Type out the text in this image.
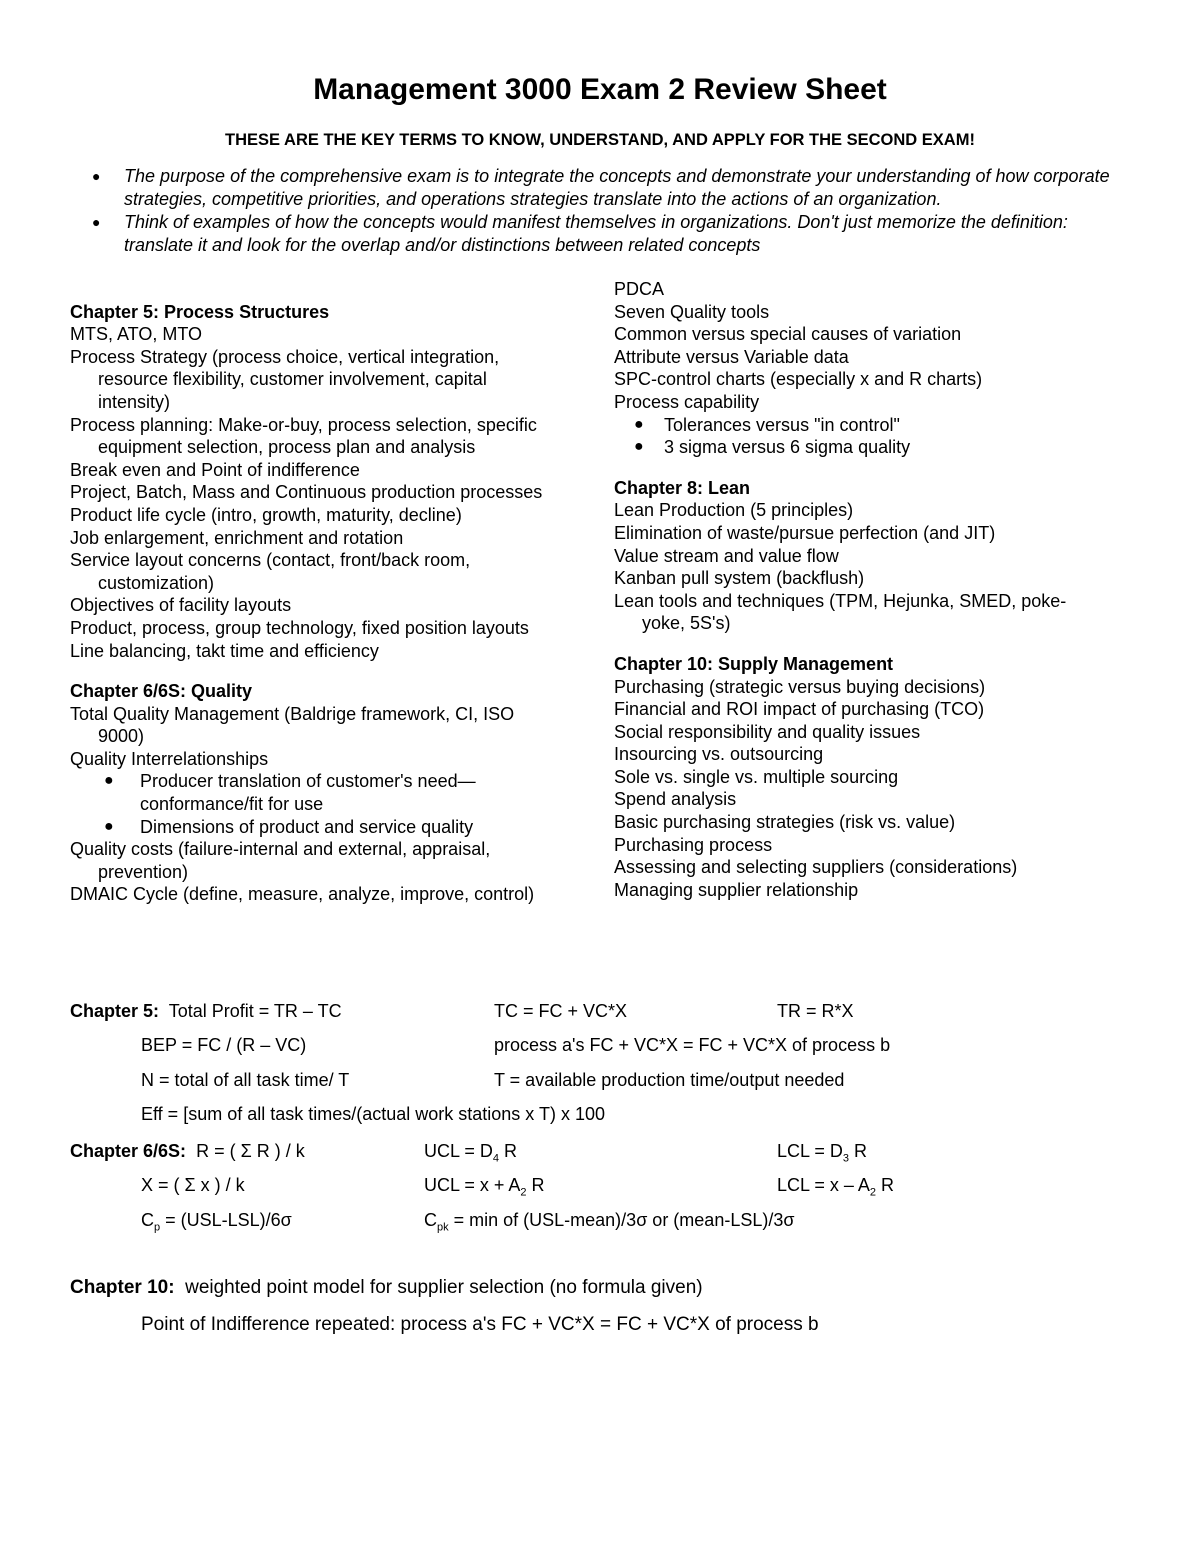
Management 3000 Exam 2 Review Sheet
THESE ARE THE KEY TERMS TO KNOW, UNDERSTAND, AND APPLY FOR THE SECOND EXAM!
● The purpose of the comprehensive exam is to integrate the concepts and demonstrate your understanding of how corporate strategies, competitive priorities, and operations strategies translate into the actions of an organization.
● Think of examples of how the concepts would manifest themselves in organizations. Don't just memorize the definition: translate it and look for the overlap and/or distinctions between related concepts
Chapter 5: Process Structures
MTS, ATO, MTO
Process Strategy (process choice, vertical integration,
resource flexibility, customer involvement, capital
intensity)
Process planning: Make-or-buy, process selection, specific
equipment selection, process plan and analysis
Break even and Point of indifference
Project, Batch, Mass and Continuous production processes
Product life cycle (intro, growth, maturity, decline)
Job enlargement, enrichment and rotation
Service layout concerns (contact, front/back room,
customization)
Objectives of facility layouts
Product, process, group technology, fixed position layouts
Line balancing, takt time and efficiency
Chapter 6/6S: Quality
Total Quality Management (Baldrige framework, CI, ISO
9000)
Quality Interrelationships
● Producer translation of customer's need—
conformance/fit for use
● Dimensions of product and service quality
Quality costs (failure-internal and external, appraisal,
prevention)
DMAIC Cycle (define, measure, analyze, improve, control)
PDCA
Seven Quality tools
Common versus special causes of variation
Attribute versus Variable data
SPC-control charts (especially x and R charts)
Process capability
● Tolerances versus "in control"
● 3 sigma versus 6 sigma quality
Chapter 8: Lean
Lean Production (5 principles)
Elimination of waste/pursue perfection (and JIT)
Value stream and value flow
Kanban pull system (backflush)
Lean tools and techniques (TPM, Hejunka, SMED, poke-
yoke, 5S's)
Chapter 10: Supply Management
Purchasing (strategic versus buying decisions)
Financial and ROI impact of purchasing (TCO)
Social responsibility and quality issues
Insourcing vs. outsourcing
Sole vs. single vs. multiple sourcing
Spend analysis
Basic purchasing strategies (risk vs. value)
Purchasing process
Assessing and selecting suppliers (considerations)
Managing supplier relationship
Chapter 5: Total Profit = TR – TC	TC = FC + VC*X	TR = R*X
BEP = FC / (R – VC)	process a's FC + VC*X = FC + VC*X of process b
N = total of all task time/ T	T = available production time/output needed
Eff = [sum of all task times/(actual work stations x T) x 100
Chapter 6/6S: R = ( Σ R ) / k	UCL = $D_4$ R	LCL = $D_3$ R
X = ( Σ x ) / k	UCL = $x + A_2$ R	LCL = x – $A_2$ R
$C_p = (USL-LSL)/6\sigma$	$C_{pk} = \min$ of (USL-mean)/3σ or (mean-LSL)/3σ
Chapter 10: weighted point model for supplier selection (no formula given)
Point of Indifference repeated: process a's FC + VC*X = FC + VC*X of process b
